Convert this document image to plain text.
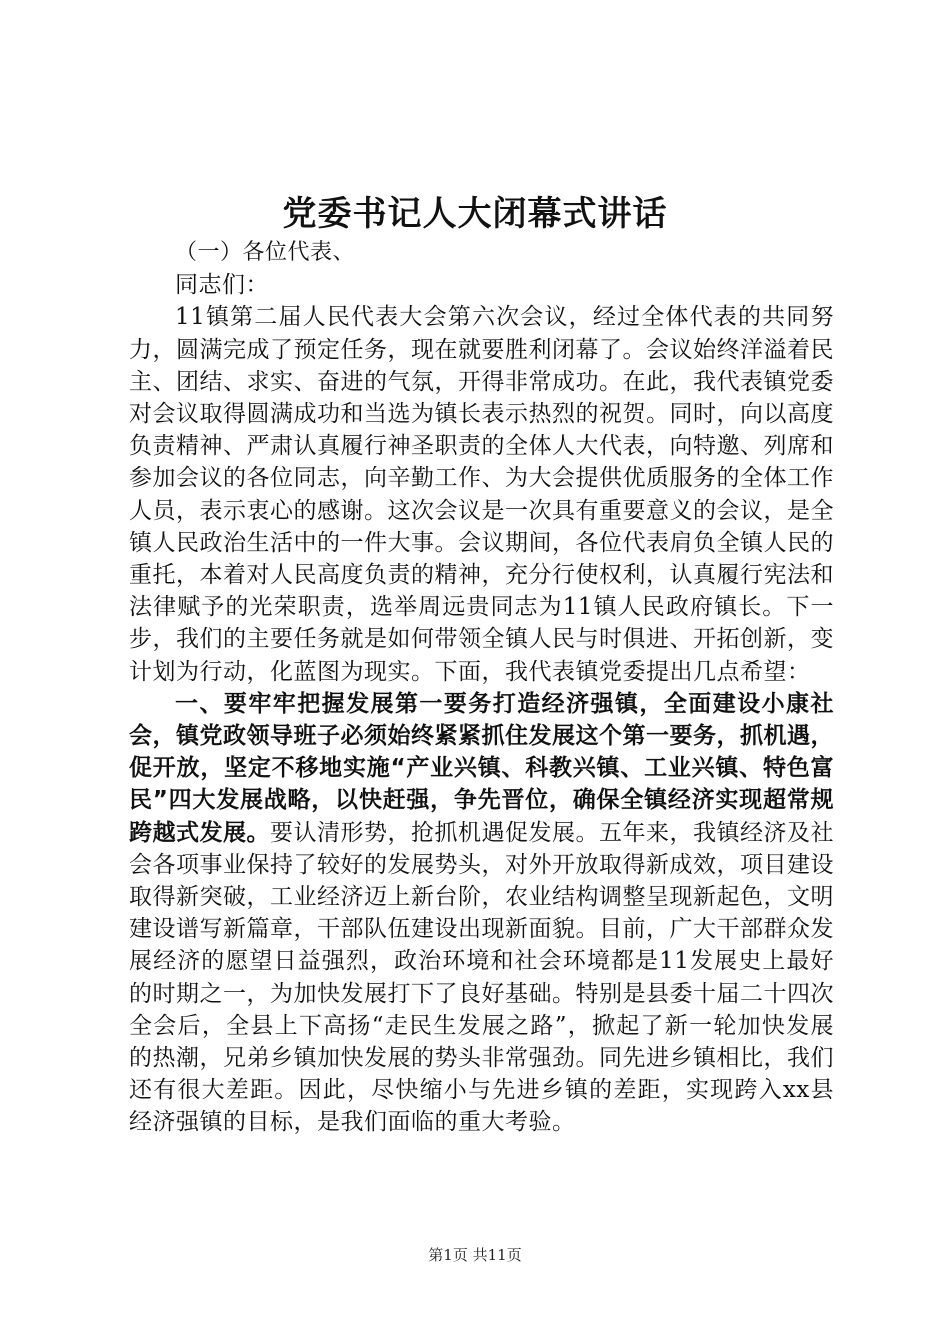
党委书记人大闭幕式讲话

（一）各位代表、

同志们：

11镇第二届人民代表大会第六次会议，经过全体代表的共同努力，圆满完成了预定任务，现在就要胜利闭幕了。会议始终洋溢着民主、团结、求实、奋进的气氛，开得非常成功。在此，我代表镇党委对会议取得圆满成功和当选为镇长表示热烈的祝贺。同时，向以高度负责精神、严肃认真履行神圣职责的全体人大代表，向特邀、列席和参加会议的各位同志，向辛勤工作、为大会提供优质服务的全体工作人员，表示衷心的感谢。这次会议是一次具有重要意义的会议，是全镇人民政治生活中的一件大事。会议期间，各位代表肩负全镇人民的重托，本着对人民高度负责的精神，充分行使权利，认真履行宪法和法律赋予的光荣职责，选举周远贵同志为11镇人民政府镇长。下一步，我们的主要任务就是如何带领全镇人民与时俱进、开拓创新，变计划为行动，化蓝图为现实。下面，我代表镇党委提出几点希望：

一、要牢牢把握发展第一要务打造经济强镇，全面建设小康社会，镇党政领导班子必须始终紧紧抓住发展这个第一要务，抓机遇，促开放，坚定不移地实施“产业兴镇、科教兴镇、工业兴镇、特色富民”四大发展战略，以快赶强，争先晋位，确保全镇经济实现超常规跨越式发展。要认清形势，抢抓机遇促发展。五年来，我镇经济及社会各项事业保持了较好的发展势头，对外开放取得新成效，项目建设取得新突破，工业经济迈上新台阶，农业结构调整呈现新起色，文明建设谱写新篇章，干部队伍建设出现新面貌。目前，广大干部群众发展经济的愿望日益强烈，政治环境和社会环境都是11发展史上最好的时期之一，为加快发展打下了良好基础。特别是县委十届二十四次全会后，全县上下高扬“走民生发展之路”，掀起了新一轮加快发展的热潮，兄弟乡镇加快发展的势头非常强劲。同先进乡镇相比，我们还有很大差距。因此，尽快缩小与先进乡镇的差距，实现跨入xx县经济强镇的目标，是我们面临的重大考验。

第1页 共11页
